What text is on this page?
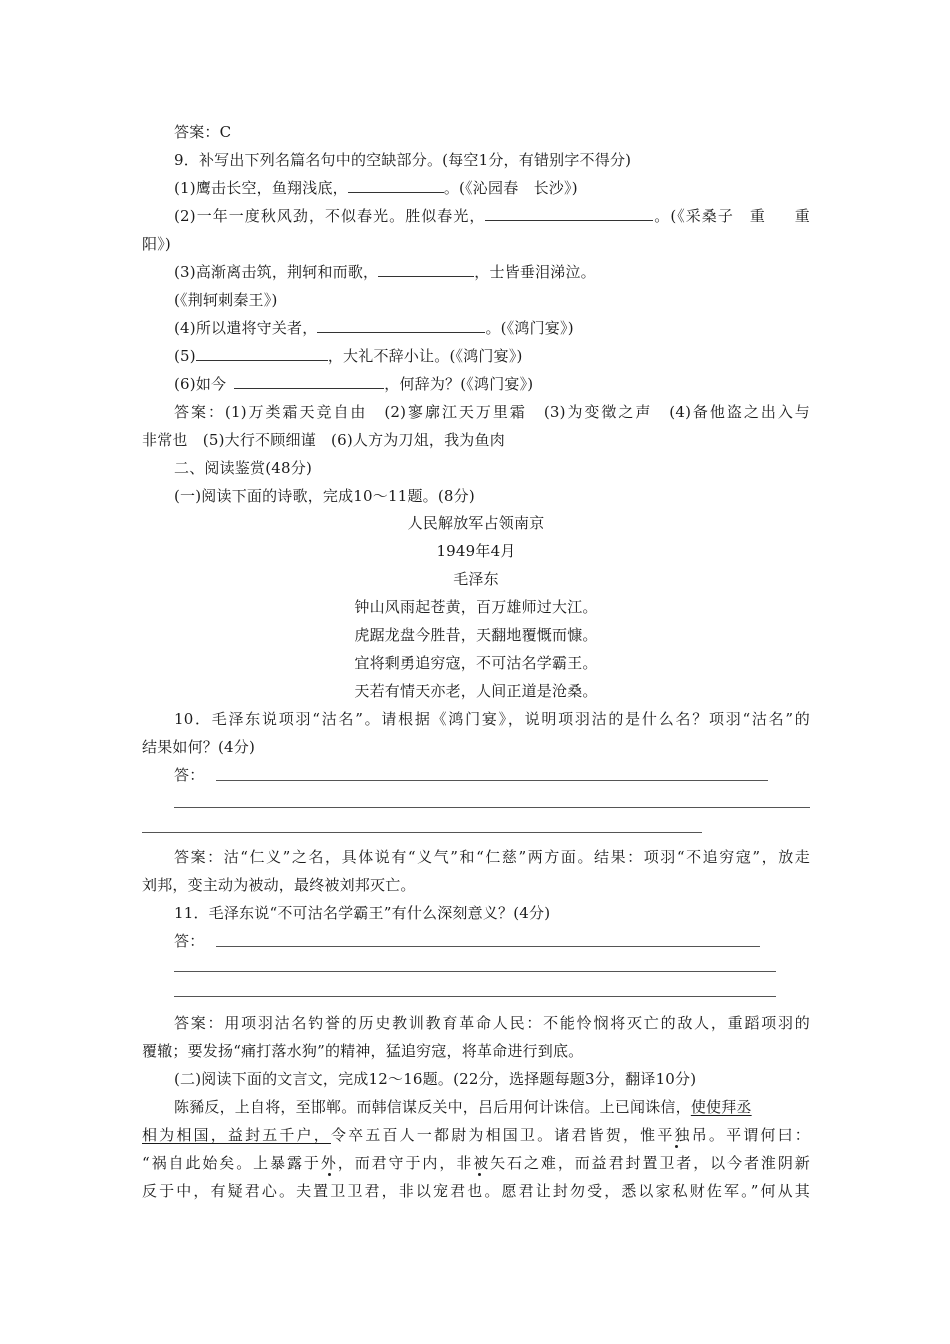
答案：C
9．补写出下列名篇名句中的空缺部分。(每空1分，有错别字不得分)
(1)鹰击长空，鱼翔浅底，	。(《沁园春　长沙》)
(2)一年一度秋风劲，不似春光。胜似春光，	。(《采桑子　重 重
阳》)
(3)高渐离击筑，荆轲和而歌，	，士皆垂泪涕泣。
(《荆轲刺秦王》)
(4)所以遣将守关者，	。(《鸿门宴》)
(5)	，大礼不辞小让。(《鸿门宴》)
(6)如今	，何辞为？(《鸿门宴》)
答案：(1)万类霜天竞自由　(2)寥廓江天万里霜　(3)为变徵之声　(4)备他盗之出入与
非常也　(5)大行不顾细谨　(6)人方为刀俎，我为鱼肉
二、阅读鉴赏(48分)
(一)阅读下面的诗歌，完成10～11题。(8分)
人民解放军占领南京
1949年4月
毛泽东
钟山风雨起苍黄，百万雄师过大江。
虎踞龙盘今胜昔，天翻地覆慨而慷。
宜将剩勇追穷寇，不可沽名学霸王。
天若有情天亦老，人间正道是沧桑。
10．毛泽东说项羽“沽名”。请根据《鸿门宴》，说明项羽沽的是什么名？项羽“沽名”的
结果如何？(4分)
答：
答案：沽“仁义”之名，具体说有“义气”和“仁慈”两方面。结果：项羽“不追穷寇”，放走
刘邦，变主动为被动，最终被刘邦灭亡。
11．毛泽东说“不可沽名学霸王”有什么深刻意义？(4分)
答：
答案：用项羽沽名钓誉的历史教训教育革命人民：不能怜悯将灭亡的敌人，重蹈项羽的
覆辙；要发扬“痛打落水狗”的精神，猛追穷寇，将革命进行到底。
(二)阅读下面的文言文，完成12～16题。(22分，选择题每题3分，翻译10分)
陈豨反，上自将，至邯郸。而韩信谋反关中，吕后用何计诛信。上已闻诛信，使使拜丞
相为相国，益封五千户，令卒五百人一都尉为相国卫。诸君皆贺，惟平独吊。平谓何曰：
“祸自此始矣。上暴露于外，而君守于内，非被矢石之难，而益君封置卫者，以今者淮阴新
反于中，有疑君心。夫置卫卫君，非以宠君也。愿君让封勿受，悉以家私财佐军。”何从其
